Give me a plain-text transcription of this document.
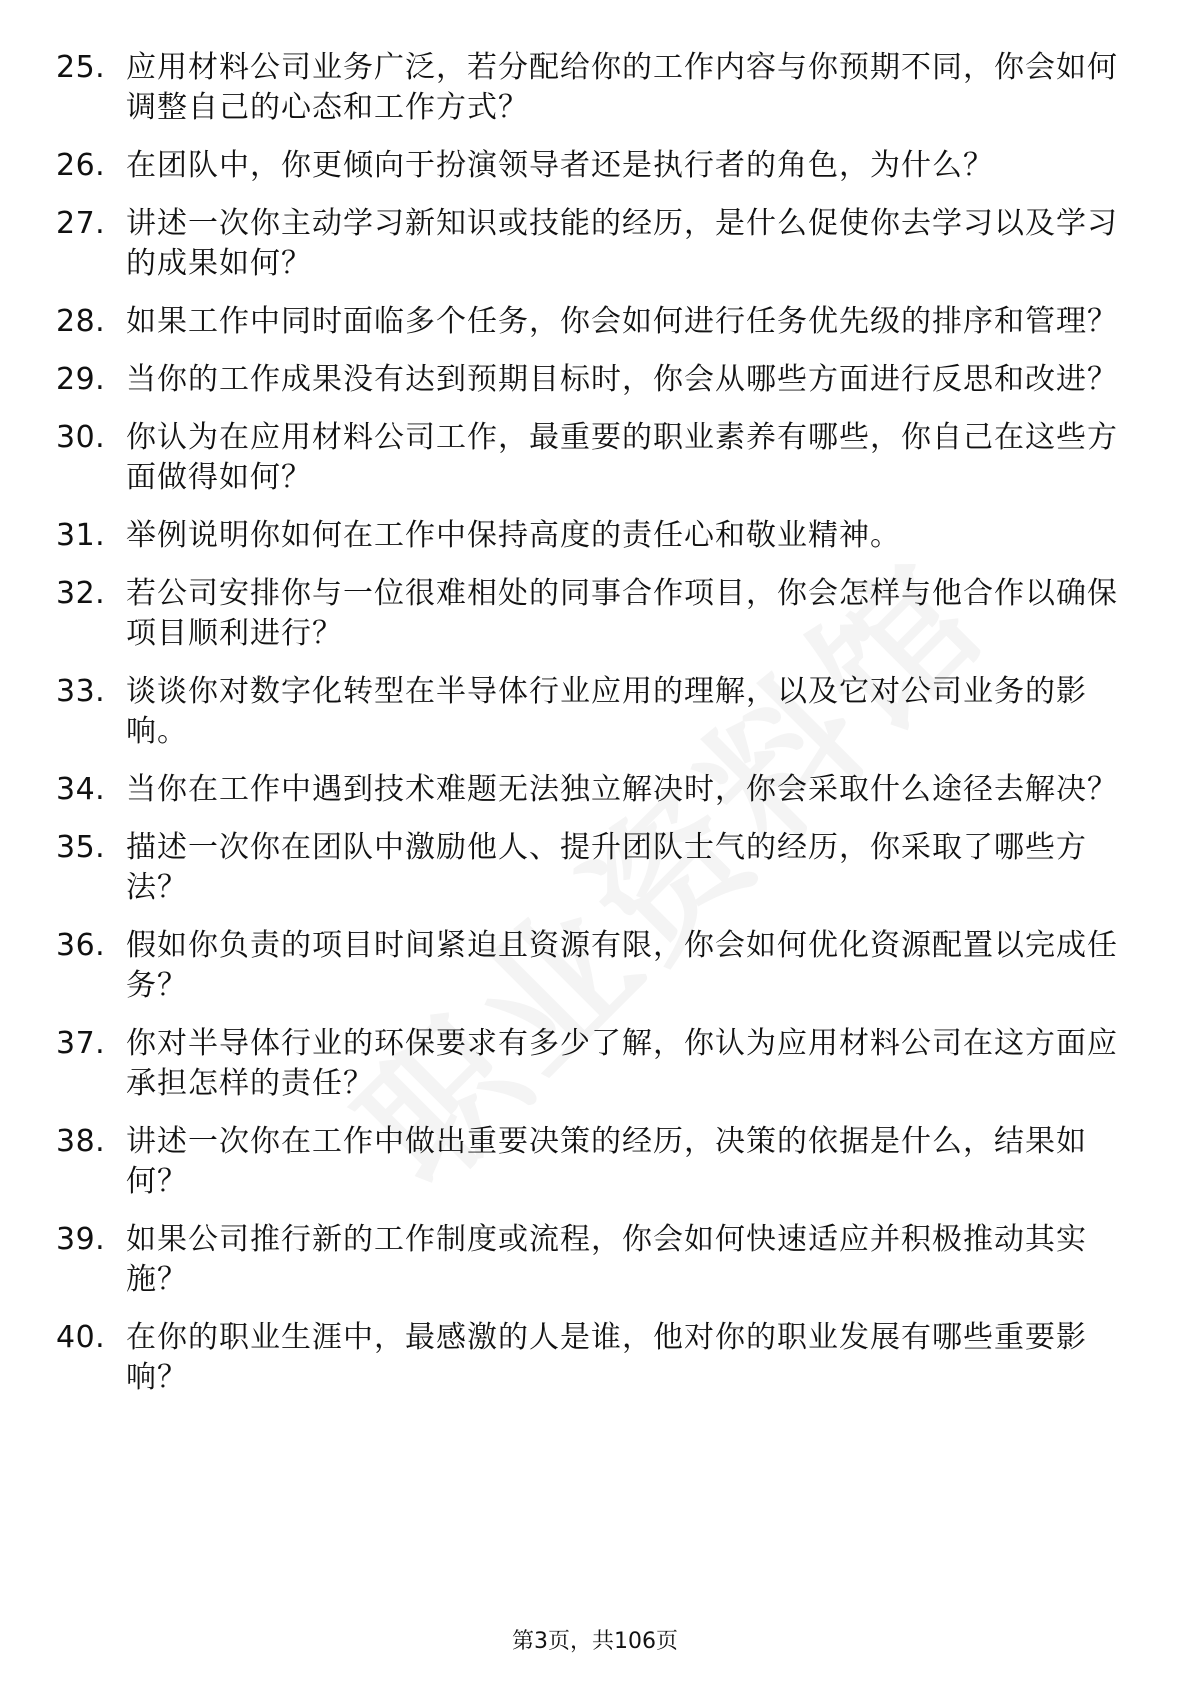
25. 应用材料公司业务广泛，若分配给你的工作内容与你预期不同，你会如何调整自己的心态和工作方式？
26. 在团队中，你更倾向于扮演领导者还是执行者的角色，为什么？
27. 讲述一次你主动学习新知识或技能的经历，是什么促使你去学习以及学习的成果如何？
28. 如果工作中同时面临多个任务，你会如何进行任务优先级的排序和管理？
29. 当你的工作成果没有达到预期目标时，你会从哪些方面进行反思和改进？
30. 你认为在应用材料公司工作，最重要的职业素养有哪些，你自己在这些方面做得如何？
31. 举例说明你如何在工作中保持高度的责任心和敬业精神。
32. 若公司安排你与一位很难相处的同事合作项目，你会怎样与他合作以确保项目顺利进行？
33. 谈谈你对数字化转型在半导体行业应用的理解，以及它对公司业务的影响。
34. 当你在工作中遇到技术难题无法独立解决时，你会采取什么途径去解决？
35. 描述一次你在团队中激励他人、提升团队士气的经历，你采取了哪些方法？
36. 假如你负责的项目时间紧迫且资源有限，你会如何优化资源配置以完成任务？
37. 你对半导体行业的环保要求有多少了解，你认为应用材料公司在这方面应承担怎样的责任？
38. 讲述一次你在工作中做出重要决策的经历，决策的依据是什么，结果如何？
39. 如果公司推行新的工作制度或流程，你会如何快速适应并积极推动其实施？
40. 在你的职业生涯中，最感激的人是谁，他对你的职业发展有哪些重要影响？
第3页，共106页
